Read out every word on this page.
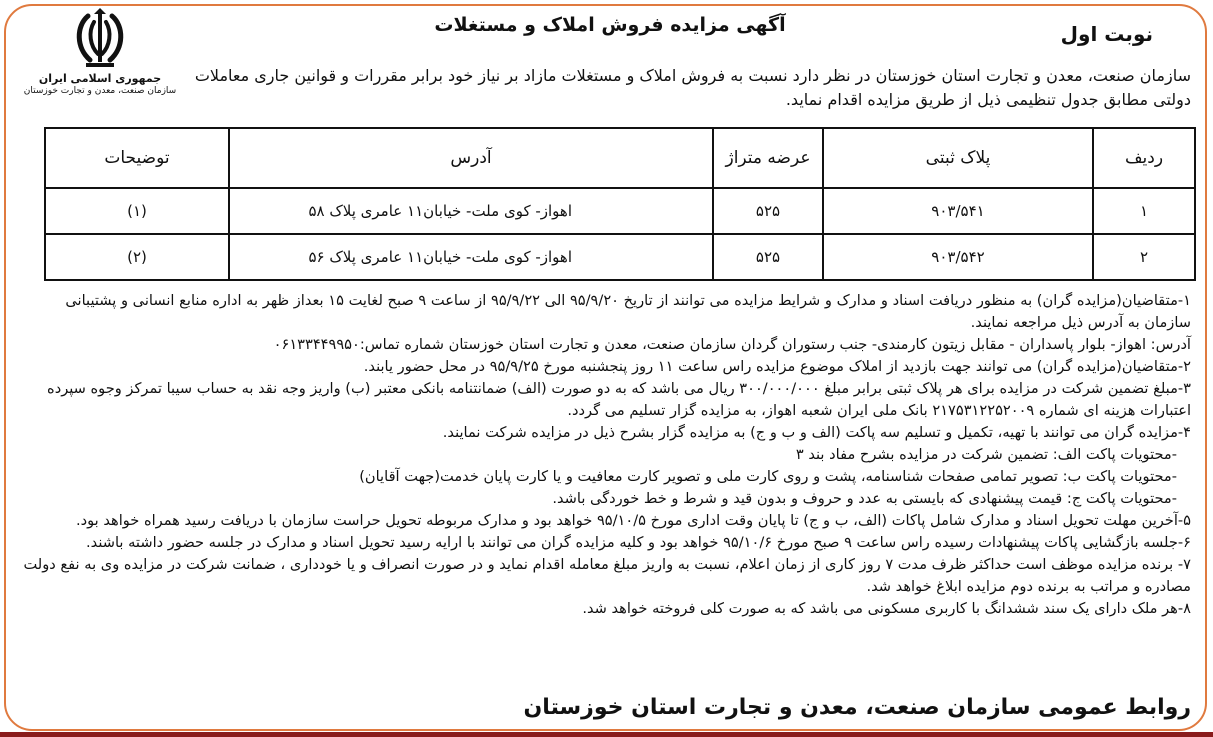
جمهوری اسلامی ایران
سازمان صنعت، معدن و تجارت خوزستان
آگهی مزایده فروش املاک و مستغلات	نوبت اول
سازمان صنعت، معدن و تجارت استان خوزستان در نظر دارد نسبت به فروش املاک و مستغلات مازاد بر نیاز خود برابر مقررات و قوانین جاری معاملات دولتی مطابق جدول تنظیمی ذیل از طریق مزایده اقدام نماید.
ردیف	پلاک ثبتی	عرضه متراژ	آدرس	توضیحات
۱	۹۰۳/۵۴۱	۵۲۵	اهواز- کوی ملت- خیابان۱۱ عامری پلاک ۵۸	(۱)
۲	۹۰۳/۵۴۲	۵۲۵	اهواز- کوی ملت- خیابان۱۱ عامری پلاک ۵۶	(۲)

۱-متقاضیان(مزایده گران) به منظور دریافت اسناد و مدارک و شرایط مزایده می توانند از تاریخ ۹۵/۹/۲۰ الی ۹۵/۹/۲۲ از ساعت ۹ صبح لغایت ۱۵ بعداز ظهر به اداره منابع انسانی و پشتیبانی سازمان به آدرس ذیل مراجعه نمایند.

آدرس: اهواز- بلوار پاسداران - مقابل زیتون کارمندی- جنب رستوران گردان سازمان صنعت، معدن و تجارت استان خوزستان شماره تماس:۰۶۱۳۳۴۴۹۹۵۰

۲-متقاضیان(مزایده گران) می توانند جهت بازدید از املاک موضوع مزایده راس ساعت ۱۱ روز پنجشنبه مورخ ۹۵/۹/۲۵ در محل حضور یابند.

۳-مبلغ تضمین شرکت در مزایده برای هر پلاک ثبتی برابر مبلغ ۳۰۰/۰۰۰/۰۰۰ ریال می باشد که به دو صورت (الف) ضمانتنامه بانکی معتبر (ب) واریز وجه نقد به حساب سیبا تمرکز وجوه سپرده اعتبارات هزینه ای شماره ۲۱۷۵۳۱۲۲۵۲۰۰۹ بانک ملی ایران شعبه اهواز، به مزایده گزار تسلیم می گردد.

۴-مزایده گران می توانند با تهیه، تکمیل و تسلیم سه پاکت (الف و ب و ج) به مزایده گزار بشرح ذیل در مزایده شرکت نمایند.

-محتویات پاکت الف: تضمین شرکت در مزایده بشرح مفاد بند ۳

-محتویات پاکت ب: تصویر تمامی صفحات شناسنامه، پشت و روی کارت ملی و تصویر کارت معافیت و یا کارت پایان خدمت(جهت آقایان)

-محتویات پاکت ج: قیمت پیشنهادی که بایستی به عدد و حروف و بدون قید و شرط و خط خوردگی باشد.

۵-آخرین مهلت تحویل اسناد و مدارک شامل پاکات (الف، ب و ج) تا پایان وقت اداری مورخ ۹۵/۱۰/۵ خواهد بود و مدارک مربوطه تحویل حراست سازمان با دریافت رسید همراه خواهد بود.

۶-جلسه بازگشایی پاکات پیشنهادات رسیده راس ساعت ۹ صبح مورخ ۹۵/۱۰/۶ خواهد بود و کلیه مزایده گران می توانند با ارایه رسید تحویل اسناد و مدارک در جلسه حضور داشته باشند.

۷- برنده مزایده موظف است حداکثر ظرف مدت ۷ روز کاری از زمان اعلام، نسبت به واریز مبلغ معامله اقدام نماید و در صورت انصراف و یا خودداری ، ضمانت شرکت در مزایده وی به نفع دولت مصادره و مراتب به برنده دوم مزایده ابلاغ خواهد شد.

۸-هر ملک دارای یک سند ششدانگ با کاربری مسکونی می باشد که به صورت کلی فروخته خواهد شد.

روابط عمومی سازمان صنعت، معدن و تجارت استان خوزستان
